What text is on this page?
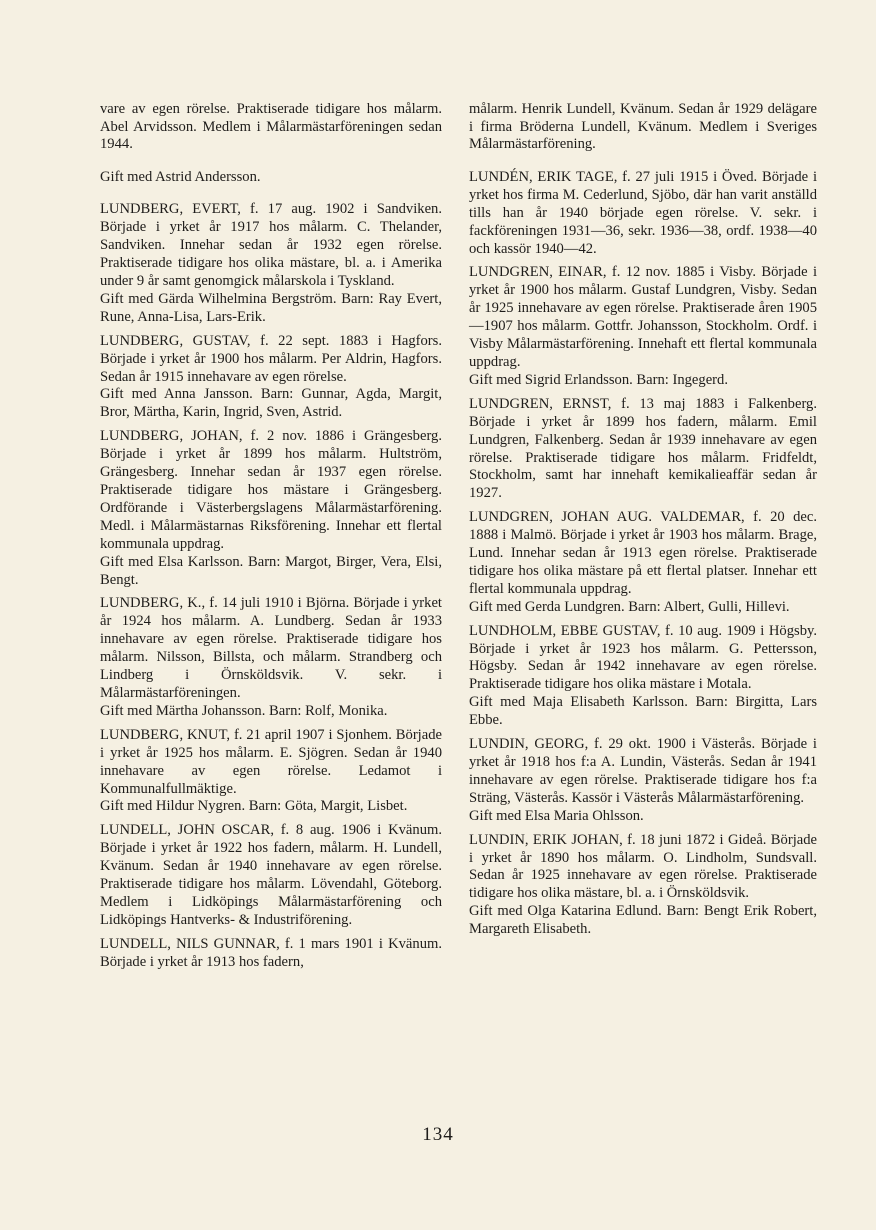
vare av egen rörelse. Praktiserade tidigare hos målarm. Abel Arvidsson. Medlem i Målarmästarföreningen sedan 1944.

Gift med Astrid Andersson.

LUNDBERG, EVERT, f. 17 aug. 1902 i Sandviken. Började i yrket år 1917 hos målarm. C. Thelander, Sandviken. Innehar sedan år 1932 egen rörelse. Praktiserade tidigare hos olika mästare, bl. a. i Amerika under 9 år samt genomgick målarskola i Tyskland.

Gift med Gärda Wilhelmina Bergström. Barn: Ray Evert, Rune, Anna-Lisa, Lars-Erik.

LUNDBERG, GUSTAV, f. 22 sept. 1883 i Hagfors. Började i yrket år 1900 hos målarm. Per Aldrin, Hagfors. Sedan år 1915 innehavare av egen rörelse.

Gift med Anna Jansson. Barn: Gunnar, Agda, Margit, Bror, Märtha, Karin, Ingrid, Sven, Astrid.

LUNDBERG, JOHAN, f. 2 nov. 1886 i Grängesberg. Började i yrket år 1899 hos målarm. Hultström, Grängesberg. Innehar sedan år 1937 egen rörelse. Praktiserade tidigare hos mästare i Grängesberg. Ordförande i Västerbergslagens Målarmästarförening. Medl. i Målarmästarnas Riksförening. Innehar ett flertal kommunala uppdrag.

Gift med Elsa Karlsson. Barn: Margot, Birger, Vera, Elsi, Bengt.

LUNDBERG, K., f. 14 juli 1910 i Björna. Började i yrket år 1924 hos målarm. A. Lundberg. Sedan år 1933 innehavare av egen rörelse. Praktiserade tidigare hos målarm. Nilsson, Billsta, och målarm. Strandberg och Lindberg i Örnsköldsvik. V. sekr. i Målarmästarföreningen.

Gift med Märtha Johansson. Barn: Rolf, Monika.

LUNDBERG, KNUT, f. 21 april 1907 i Sjonhem. Började i yrket år 1925 hos målarm. E. Sjögren. Sedan år 1940 innehavare av egen rörelse. Ledamot i Kommunalfullmäktige.

Gift med Hildur Nygren. Barn: Göta, Margit, Lisbet.

LUNDELL, JOHN OSCAR, f. 8 aug. 1906 i Kvänum. Började i yrket år 1922 hos fadern, målarm. H. Lundell, Kvänum. Sedan år 1940 innehavare av egen rörelse. Praktiserade tidigare hos målarm. Lövendahl, Göteborg. Medlem i Lidköpings Målarmästarförening och Lidköpings Hantverks- & Industriförening.

LUNDELL, NILS GUNNAR, f. 1 mars 1901 i Kvänum. Började i yrket år 1913 hos fadern,

målarm. Henrik Lundell, Kvänum. Sedan år 1929 delägare i firma Bröderna Lundell, Kvänum. Medlem i Sveriges Målarmästarförening.

LUNDÉN, ERIK TAGE, f. 27 juli 1915 i Öved. Började i yrket hos firma M. Cederlund, Sjöbo, där han varit anställd tills han år 1940 började egen rörelse. V. sekr. i fackföreningen 1931—36, sekr. 1936—38, ordf. 1938—40 och kassör 1940—42.

LUNDGREN, EINAR, f. 12 nov. 1885 i Visby. Började i yrket år 1900 hos målarm. Gustaf Lundgren, Visby. Sedan år 1925 innehavare av egen rörelse. Praktiserade åren 1905—1907 hos målarm. Gottfr. Johansson, Stockholm. Ordf. i Visby Målarmästarförening. Innehaft ett flertal kommunala uppdrag.

Gift med Sigrid Erlandsson. Barn: Ingegerd.

LUNDGREN, ERNST, f. 13 maj 1883 i Falkenberg. Började i yrket år 1899 hos fadern, målarm. Emil Lundgren, Falkenberg. Sedan år 1939 innehavare av egen rörelse. Praktiserade tidigare hos målarm. Fridfeldt, Stockholm, samt har innehaft kemikalieaffär sedan år 1927.

LUNDGREN, JOHAN AUG. VALDEMAR, f. 20 dec. 1888 i Malmö. Började i yrket år 1903 hos målarm. Brage, Lund. Innehar sedan år 1913 egen rörelse. Praktiserade tidigare hos olika mästare på ett flertal platser. Innehar ett flertal kommunala uppdrag.

Gift med Gerda Lundgren. Barn: Albert, Gulli, Hillevi.

LUNDHOLM, EBBE GUSTAV, f. 10 aug. 1909 i Högsby. Började i yrket år 1923 hos målarm. G. Pettersson, Högsby. Sedan år 1942 innehavare av egen rörelse. Praktiserade tidigare hos olika mästare i Motala.

Gift med Maja Elisabeth Karlsson. Barn: Birgitta, Lars Ebbe.

LUNDIN, GEORG, f. 29 okt. 1900 i Västerås. Började i yrket år 1918 hos f:a A. Lundin, Västerås. Sedan år 1941 innehavare av egen rörelse. Praktiserade tidigare hos f:a Sträng, Västerås. Kassör i Västerås Målarmästarförening.

Gift med Elsa Maria Ohlsson.

LUNDIN, ERIK JOHAN, f. 18 juni 1872 i Gideå. Började i yrket år 1890 hos målarm. O. Lindholm, Sundsvall. Sedan år 1925 innehavare av egen rörelse. Praktiserade tidigare hos olika mästare, bl. a. i Örnsköldsvik.

Gift med Olga Katarina Edlund. Barn: Bengt Erik Robert, Margareth Elisabeth.

134
